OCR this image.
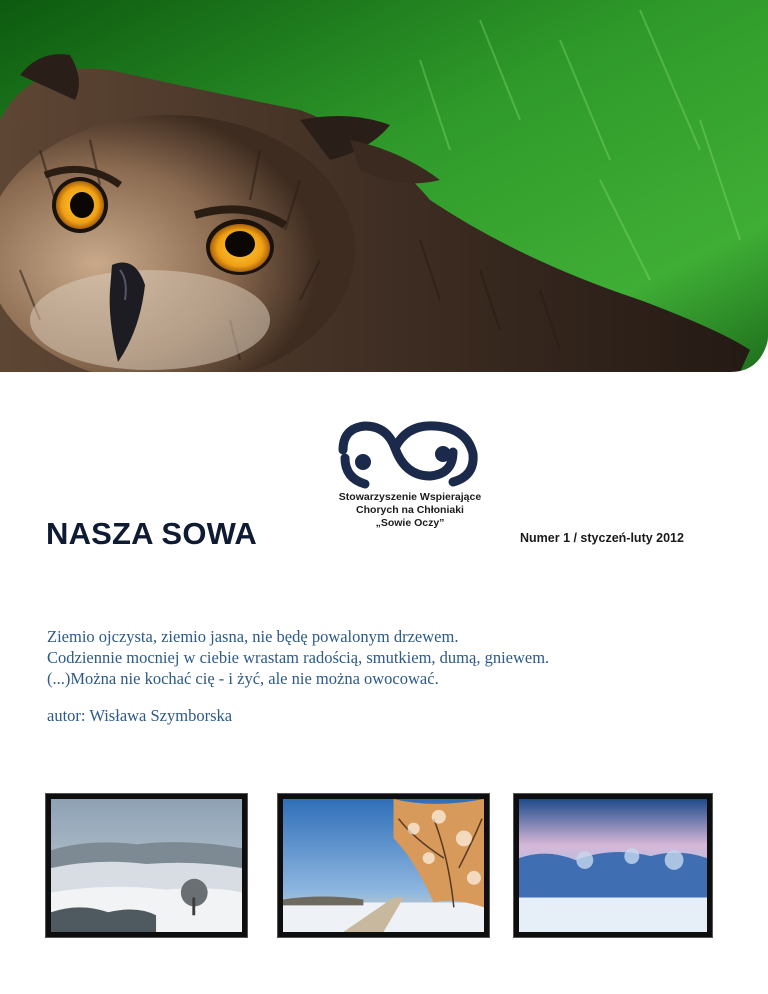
NASZA SOWA
Stowarzyszenie Wspierające
Chorych na Chłoniaki
„Sowie Oczy”
Numer 1 / styczeń-luty 2012
Ziemio ojczysta, ziemio jasna, nie będę powalonym drzewem.
Codziennie mocniej w ciebie wrastam radością, smutkiem, dumą, gniewem.
(...)Można nie kochać cię - i żyć, ale nie można owocować.
autor: Wisława Szymborska
